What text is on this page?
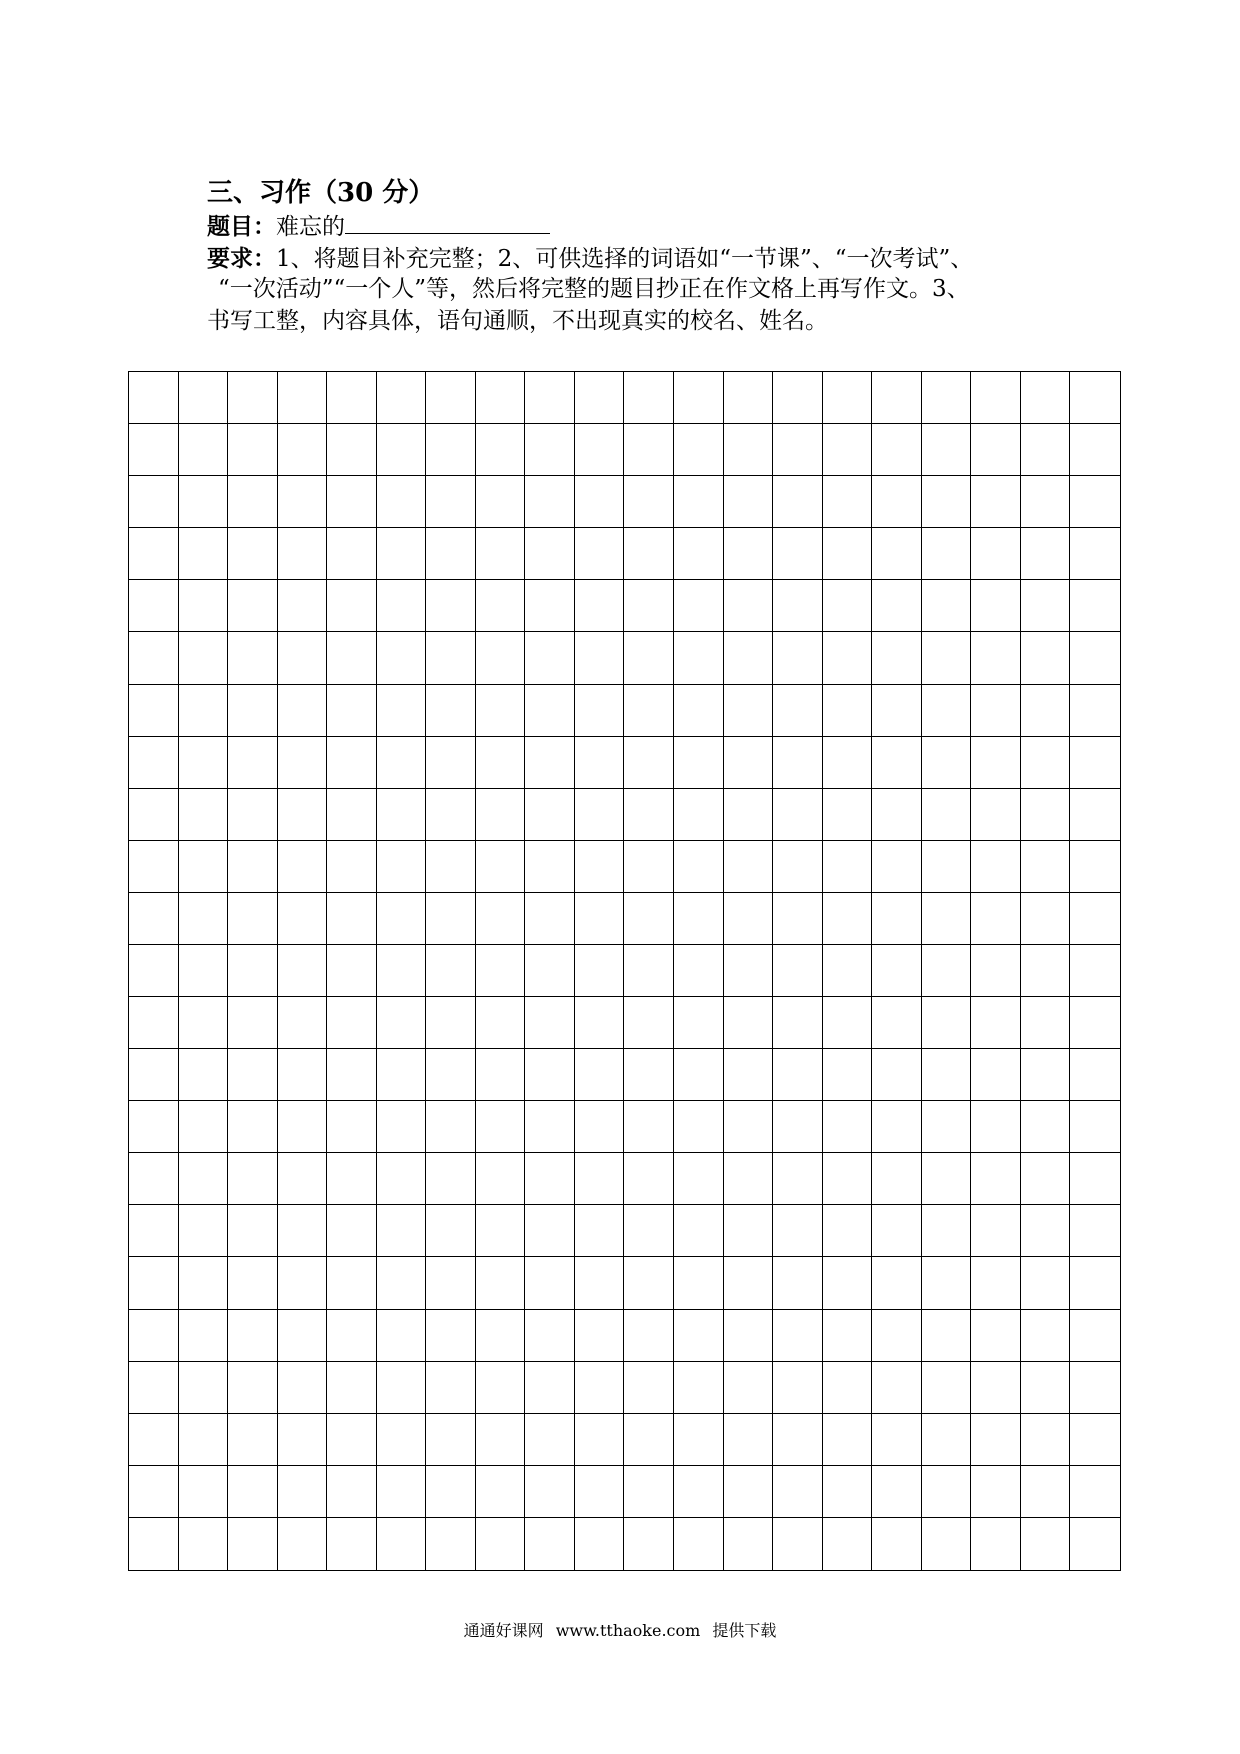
三、习作（30 分）
题目：难忘的
要求：1、将题目补充完整；2、可供选择的词语如“一节课”、“一次考试”、
“一次活动”“一个人”等，然后将完整的题目抄正在作文格上再写作文。3、
书写工整，内容具体，语句通顺，不出现真实的校名、姓名。
通通好课网 www.tthaoke.com 提供下载
